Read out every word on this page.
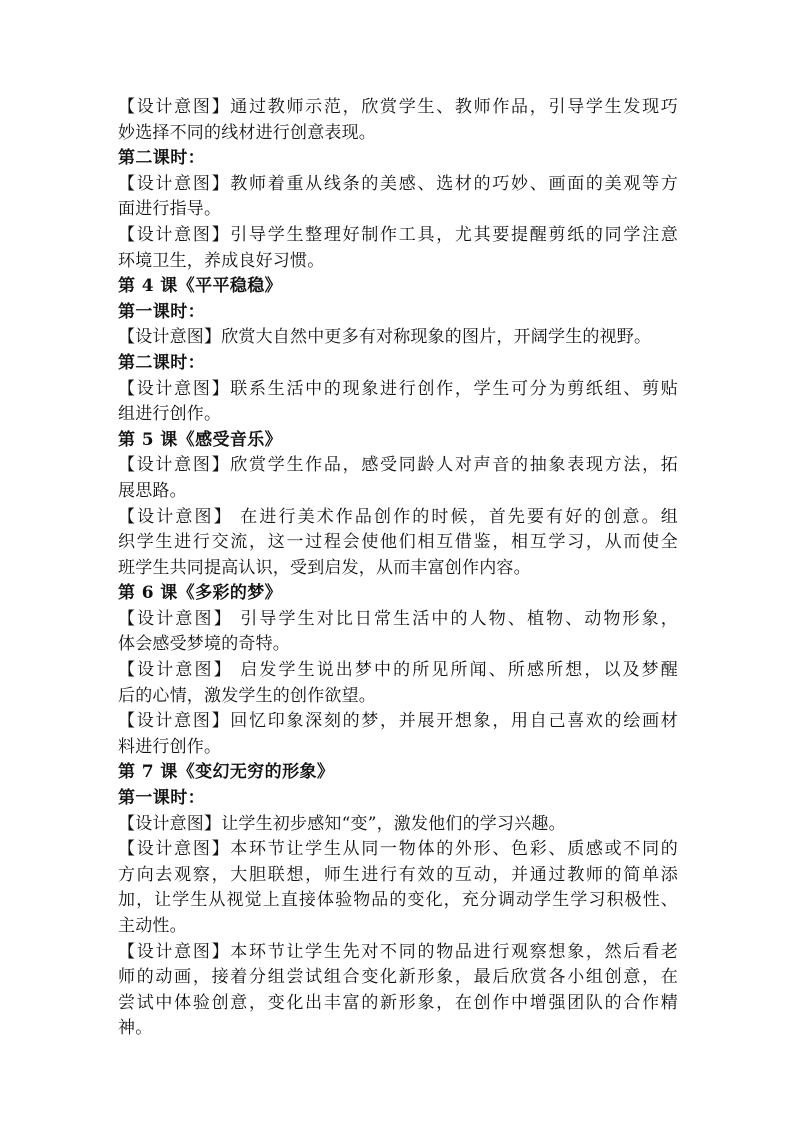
【设计意图】通过教师示范，欣赏学生、教师作品，引导学生发现巧
妙选择不同的线材进行创意表现。
第二课时：
【设计意图】教师着重从线条的美感、选材的巧妙、画面的美观等方
面进行指导。
【设计意图】引导学生整理好制作工具，尤其要提醒剪纸的同学注意
环境卫生，养成良好习惯。
第 4 课《平平稳稳》
第一课时：
【设计意图】欣赏大自然中更多有对称现象的图片，开阔学生的视野。
第二课时：
【设计意图】联系生活中的现象进行创作，学生可分为剪纸组、剪贴
组进行创作。
第 5 课《感受音乐》
【设计意图】欣赏学生作品，感受同龄人对声音的抽象表现方法，拓
展思路。
【设计意图】 在进行美术作品创作的时候，首先要有好的创意。组
织学生进行交流，这一过程会使他们相互借鉴，相互学习，从而使全
班学生共同提高认识，受到启发，从而丰富创作内容。
第 6 课《多彩的梦》
【设计意图】 引导学生对比日常生活中的人物、植物、动物形象，
体会感受梦境的奇特。
【设计意图】 启发学生说出梦中的所见所闻、所感所想，以及梦醒
后的心情，激发学生的创作欲望。
【设计意图】回忆印象深刻的梦，并展开想象，用自己喜欢的绘画材
料进行创作。
第 7 课《变幻无穷的形象》
第一课时：
【设计意图】让学生初步感知“变”，激发他们的学习兴趣。
【设计意图】本环节让学生从同一物体的外形、色彩、质感或不同的
方向去观察，大胆联想，师生进行有效的互动，并通过教师的简单添
加，让学生从视觉上直接体验物品的变化，充分调动学生学习积极性、
主动性。
【设计意图】本环节让学生先对不同的物品进行观察想象，然后看老
师的动画，接着分组尝试组合变化新形象，最后欣赏各小组创意，在
尝试中体验创意，变化出丰富的新形象，在创作中增强团队的合作精
神。
